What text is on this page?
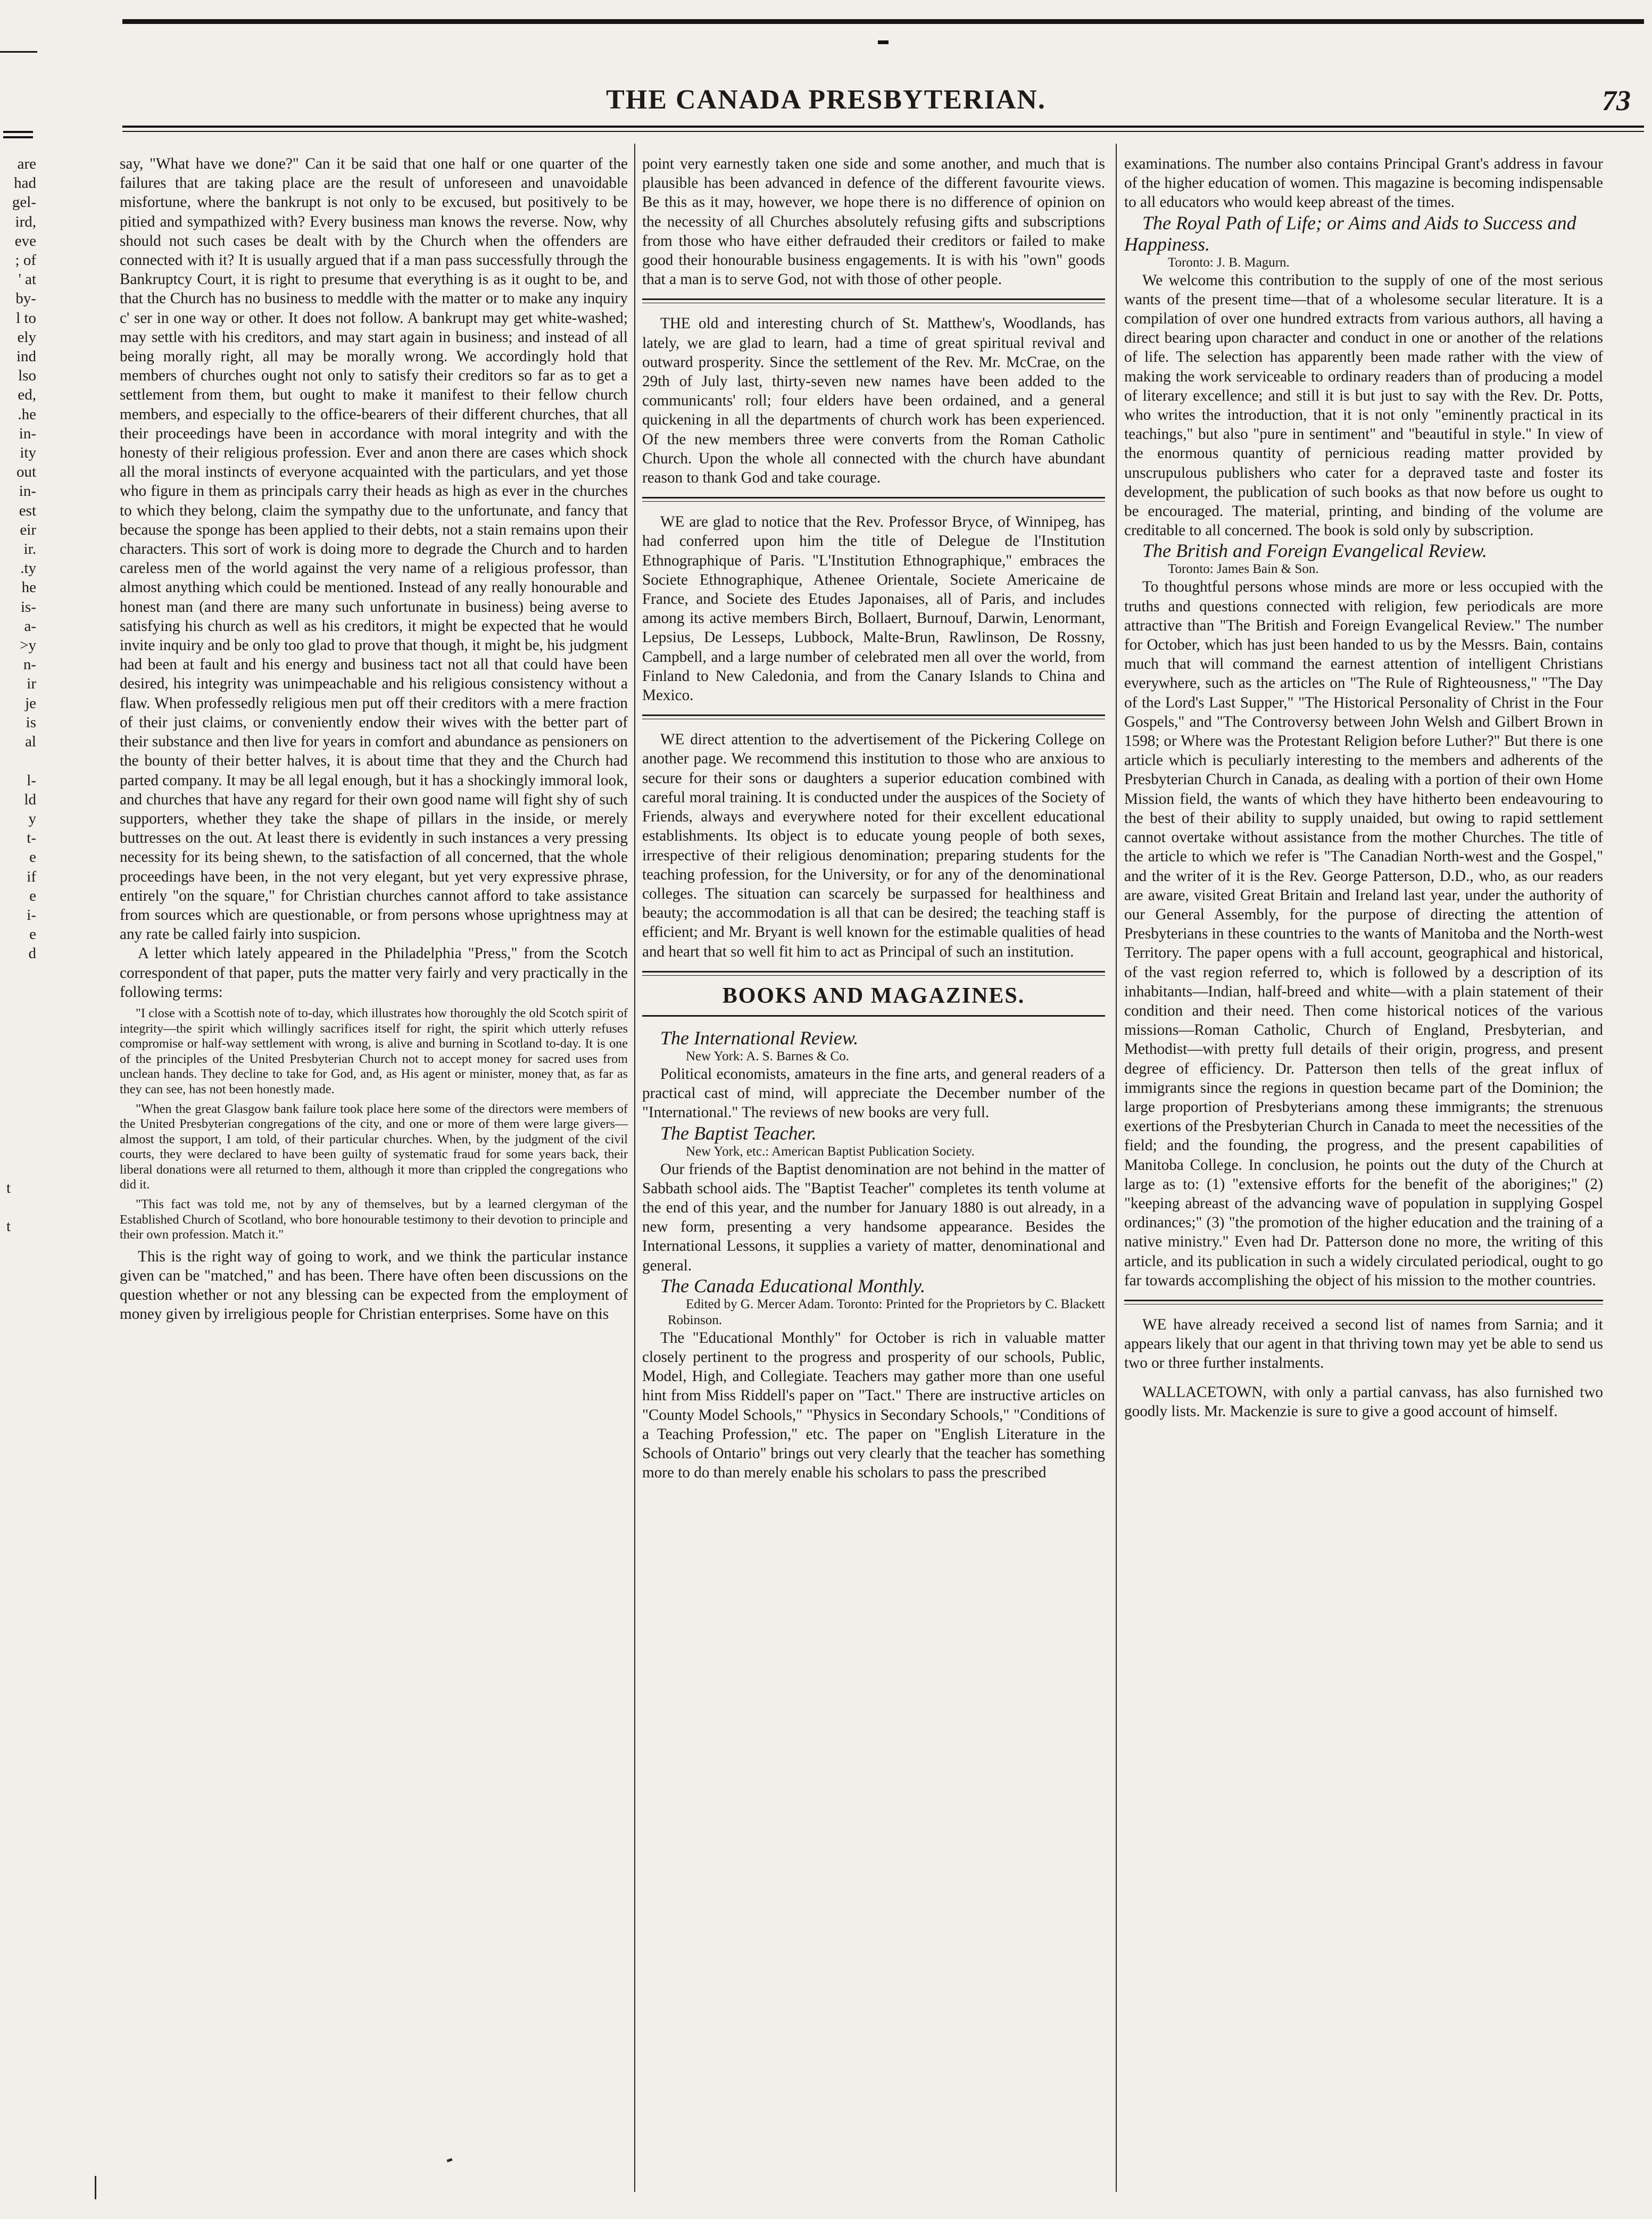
THE CANADA PRESBYTERIAN.	73
are
had
gel-
ird,
eve
; of
' at
by-
l to
ely
ind
lso
ed,
.he
in-
ity
out
in-
est
eir
ir.
.ty
he
is-
a-
>y
n-
ir
je
is
al

l-
ld
y
t-
e
if
e
i-
e
d
t

t

say, "What have we done?" Can it be said that one half or one quarter of the failures that are taking place are the result of unforeseen and unavoidable misfortune, where the bankrupt is not only to be excused, but positively to be pitied and sympathized with? Every business man knows the reverse. Now, why should not such cases be dealt with by the Church when the offenders are connected with it? It is usually argued that if a man pass successfully through the Bankruptcy Court, it is right to presume that everything is as it ought to be, and that the Church has no business to meddle with the matter or to make any inquiry c' ser in one way or other. It does not follow. A bankrupt may get white-washed; may settle with his creditors, and may start again in business; and instead of all being morally right, all may be morally wrong. We accordingly hold that members of churches ought not only to satisfy their creditors so far as to get a settlement from them, but ought to make it manifest to their fellow church members, and especially to the office-bearers of their different churches, that all their proceedings have been in accordance with moral integrity and with the honesty of their religious profession. Ever and anon there are cases which shock all the moral instincts of everyone acquainted with the particulars, and yet those who figure in them as principals carry their heads as high as ever in the churches to which they belong, claim the sympathy due to the unfortunate, and fancy that because the sponge has been applied to their debts, not a stain remains upon their characters. This sort of work is doing more to degrade the Church and to harden careless men of the world against the very name of a religious professor, than almost anything which could be mentioned. Instead of any really honourable and honest man (and there are many such unfortunate in business) being averse to satisfying his church as well as his creditors, it might be expected that he would invite inquiry and be only too glad to prove that though, it might be, his judgment had been at fault and his energy and business tact not all that could have been desired, his integrity was unimpeachable and his religious consistency without a flaw. When professedly religious men put off their creditors with a mere fraction of their just claims, or conveniently endow their wives with the better part of their substance and then live for years in comfort and abundance as pensioners on the bounty of their better halves, it is about time that they and the Church had parted company. It may be all legal enough, but it has a shockingly immoral look, and churches that have any regard for their own good name will fight shy of such supporters, whether they take the shape of pillars in the inside, or merely buttresses on the out. At least there is evidently in such instances a very pressing necessity for its being shewn, to the satisfaction of all concerned, that the whole proceedings have been, in the not very elegant, but yet very expressive phrase, entirely "on the square," for Christian churches cannot afford to take assistance from sources which are questionable, or from persons whose uprightness may at any rate be called fairly into suspicion.

A letter which lately appeared in the Philadelphia "Press," from the Scotch correspondent of that paper, puts the matter very fairly and very practically in the following terms:

"I close with a Scottish note of to-day, which illustrates how thoroughly the old Scotch spirit of integrity—the spirit which willingly sacrifices itself for right, the spirit which utterly refuses compromise or half-way settlement with wrong, is alive and burning in Scotland to-day. It is one of the principles of the United Presbyterian Church not to accept money for sacred uses from unclean hands. They decline to take for God, and, as His agent or minister, money that, as far as they can see, has not been honestly made.
"When the great Glasgow bank failure took place here some of the directors were members of the United Presbyterian congregations of the city, and one or more of them were large givers—almost the support, I am told, of their particular churches. When, by the judgment of the civil courts, they were declared to have been guilty of systematic fraud for some years back, their liberal donations were all returned to them, although it more than crippled the congregations who did it.
"This fact was told me, not by any of themselves, but by a learned clergyman of the Established Church of Scotland, who bore honourable testimony to their devotion to principle and their own profession. Match it."

This is the right way of going to work, and we think the particular instance given can be "matched," and has been. There have often been discussions on the question whether or not any blessing can be expected from the employment of money given by irreligious people for Christian enterprises. Some have on this

point very earnestly taken one side and some another, and much that is plausible has been advanced in defence of the different favourite views. Be this as it may, however, we hope there is no difference of opinion on the necessity of all Churches absolutely refusing gifts and subscriptions from those who have either defrauded their creditors or failed to make good their honourable business engagements. It is with his "own" goods that a man is to serve God, not with those of other people.

THE old and interesting church of St. Matthew's, Woodlands, has lately, we are glad to learn, had a time of great spiritual revival and outward prosperity. Since the settlement of the Rev. Mr. McCrae, on the 29th of July last, thirty-seven new names have been added to the communicants' roll; four elders have been ordained, and a general quickening in all the departments of church work has been experienced. Of the new members three were converts from the Roman Catholic Church. Upon the whole all connected with the church have abundant reason to thank God and take courage.

WE are glad to notice that the Rev. Professor Bryce, of Winnipeg, has had conferred upon him the title of Delegue de l'Institution Ethnographique of Paris. "L'Institution Ethnographique," embraces the Societe Ethnographique, Athenee Orientale, Societe Americaine de France, and Societe des Etudes Japonaises, all of Paris, and includes among its active members Birch, Bollaert, Burnouf, Darwin, Lenormant, Lepsius, De Lesseps, Lubbock, Malte-Brun, Rawlinson, De Rossny, Campbell, and a large number of celebrated men all over the world, from Finland to New Caledonia, and from the Canary Islands to China and Mexico.

WE direct attention to the advertisement of the Pickering College on another page. We recommend this institution to those who are anxious to secure for their sons or daughters a superior education combined with careful moral training. It is conducted under the auspices of the Society of Friends, always and everywhere noted for their excellent educational establishments. Its object is to educate young people of both sexes, irrespective of their religious denomination; preparing students for the teaching profession, for the University, or for any of the denominational colleges. The situation can scarcely be surpassed for healthiness and beauty; the accommodation is all that can be desired; the teaching staff is efficient; and Mr. Bryant is well known for the estimable qualities of head and heart that so well fit him to act as Principal of such an institution.

BOOKS AND MAGAZINES.

The International Review.

New York: A. S. Barnes & Co.

Political economists, amateurs in the fine arts, and general readers of a practical cast of mind, will appreciate the December number of the "International." The reviews of new books are very full.

The Baptist Teacher.

New York, etc.: American Baptist Publication Society.

Our friends of the Baptist denomination are not behind in the matter of Sabbath school aids. The "Baptist Teacher" completes its tenth volume at the end of this year, and the number for January 1880 is out already, in a new form, presenting a very handsome appearance. Besides the International Lessons, it supplies a variety of matter, denominational and general.

The Canada Educational Monthly.

Edited by G. Mercer Adam. Toronto: Printed for the Proprietors by C. Blackett Robinson.

The "Educational Monthly" for October is rich in valuable matter closely pertinent to the progress and prosperity of our schools, Public, Model, High, and Collegiate. Teachers may gather more than one useful hint from Miss Riddell's paper on "Tact." There are instructive articles on "County Model Schools," "Physics in Secondary Schools," "Conditions of a Teaching Profession," etc. The paper on "English Literature in the Schools of Ontario" brings out very clearly that the teacher has something more to do than merely enable his scholars to pass the prescribed

examinations. The number also contains Principal Grant's address in favour of the higher education of women. This magazine is becoming indispensable to all educators who would keep abreast of the times.

The Royal Path of Life; or Aims and Aids to Success and Happiness.

Toronto: J. B. Magurn.

We welcome this contribution to the supply of one of the most serious wants of the present time—that of a wholesome secular literature. It is a compilation of over one hundred extracts from various authors, all having a direct bearing upon character and conduct in one or another of the relations of life. The selection has apparently been made rather with the view of making the work serviceable to ordinary readers than of producing a model of literary excellence; and still it is but just to say with the Rev. Dr. Potts, who writes the introduction, that it is not only "eminently practical in its teachings," but also "pure in sentiment" and "beautiful in style." In view of the enormous quantity of pernicious reading matter provided by unscrupulous publishers who cater for a depraved taste and foster its development, the publication of such books as that now before us ought to be encouraged. The material, printing, and binding of the volume are creditable to all concerned. The book is sold only by subscription.

The British and Foreign Evangelical Review.

Toronto: James Bain & Son.

To thoughtful persons whose minds are more or less occupied with the truths and questions connected with religion, few periodicals are more attractive than "The British and Foreign Evangelical Review." The number for October, which has just been handed to us by the Messrs. Bain, contains much that will command the earnest attention of intelligent Christians everywhere, such as the articles on "The Rule of Righteousness," "The Day of the Lord's Last Supper," "The Historical Personality of Christ in the Four Gospels," and "The Controversy between John Welsh and Gilbert Brown in 1598; or Where was the Protestant Religion before Luther?" But there is one article which is peculiarly interesting to the members and adherents of the Presbyterian Church in Canada, as dealing with a portion of their own Home Mission field, the wants of which they have hitherto been endeavouring to the best of their ability to supply unaided, but owing to rapid settlement cannot overtake without assistance from the mother Churches. The title of the article to which we refer is "The Canadian North-west and the Gospel," and the writer of it is the Rev. George Patterson, D.D., who, as our readers are aware, visited Great Britain and Ireland last year, under the authority of our General Assembly, for the purpose of directing the attention of Presbyterians in these countries to the wants of Manitoba and the North-west Territory. The paper opens with a full account, geographical and historical, of the vast region referred to, which is followed by a description of its inhabitants—Indian, half-breed and white—with a plain statement of their condition and their need. Then come historical notices of the various missions—Roman Catholic, Church of England, Presbyterian, and Methodist—with pretty full details of their origin, progress, and present degree of efficiency. Dr. Patterson then tells of the great influx of immigrants since the regions in question became part of the Dominion; the large proportion of Presbyterians among these immigrants; the strenuous exertions of the Presbyterian Church in Canada to meet the necessities of the field; and the founding, the progress, and the present capabilities of Manitoba College. In conclusion, he points out the duty of the Church at large as to: (1) "extensive efforts for the benefit of the aborigines;" (2) "keeping abreast of the advancing wave of population in supplying Gospel ordinances;" (3) "the promotion of the higher education and the training of a native ministry." Even had Dr. Patterson done no more, the writing of this article, and its publication in such a widely circulated periodical, ought to go far towards accomplishing the object of his mission to the mother countries.

WE have already received a second list of names from Sarnia; and it appears likely that our agent in that thriving town may yet be able to send us two or three further instalments.

WALLACETOWN, with only a partial canvass, has also furnished two goodly lists. Mr. Mackenzie is sure to give a good account of himself.
